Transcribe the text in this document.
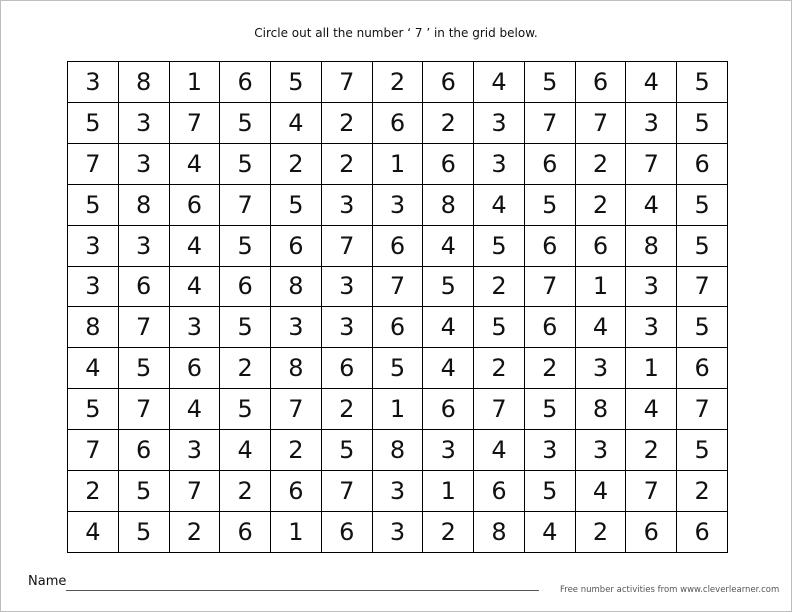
Circle out all the number ‘ 7 ’ in the grid below.
3	8	1	6	5	7	2	6	4	5	6	4	5
5	3	7	5	4	2	6	2	3	7	7	3	5
7	3	4	5	2	2	1	6	3	6	2	7	6
5	8	6	7	5	3	3	8	4	5	2	4	5
3	3	4	5	6	7	6	4	5	6	6	8	5
3	6	4	6	8	3	7	5	2	7	1	3	7
8	7	3	5	3	3	6	4	5	6	4	3	5
4	5	6	2	8	6	5	4	2	2	3	1	6
5	7	4	5	7	2	1	6	7	5	8	4	7
7	6	3	4	2	5	8	3	4	3	3	2	5
2	5	7	2	6	7	3	1	6	5	4	7	2
4	5	2	6	1	6	3	2	8	4	2	6	6
Name
Free number activities from www.cleverlearner.com
